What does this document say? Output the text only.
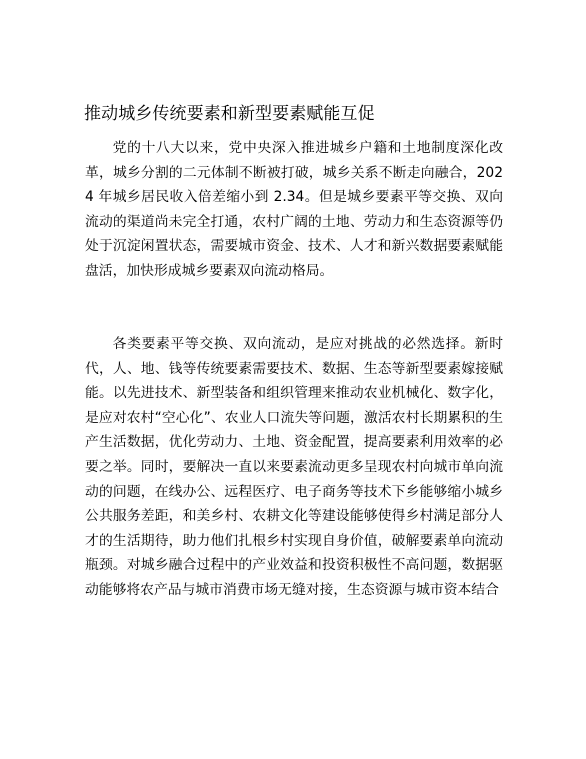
推动城乡传统要素和新型要素赋能互促

党的十八大以来，党中央深入推进城乡户籍和土地制度深化改革，城乡分割的二元体制不断被打破，城乡关系不断走向融合，2024 年城乡居民收入倍差缩小到 2.34。但是城乡要素平等交换、双向流动的渠道尚未完全打通，农村广阔的土地、劳动力和生态资源等仍处于沉淀闲置状态，需要城市资金、技术、人才和新兴数据要素赋能盘活，加快形成城乡要素双向流动格局。

各类要素平等交换、双向流动，是应对挑战的必然选择。新时代，人、地、钱等传统要素需要技术、数据、生态等新型要素嫁接赋能。以先进技术、新型装备和组织管理来推动农业机械化、数字化，是应对农村“空心化”、农业人口流失等问题，激活农村长期累积的生产生活数据，优化劳动力、土地、资金配置，提高要素利用效率的必要之举。同时，要解决一直以来要素流动更多呈现农村向城市单向流动的问题，在线办公、远程医疗、电子商务等技术下乡能够缩小城乡公共服务差距，和美乡村、农耕文化等建设能够使得乡村满足部分人才的生活期待，助力他们扎根乡村实现自身价值，破解要素单向流动瓶颈。对城乡融合过程中的产业效益和投资积极性不高问题，数据驱动能够将农产品与城市消费市场无缝对接，生态资源与城市资本结合
